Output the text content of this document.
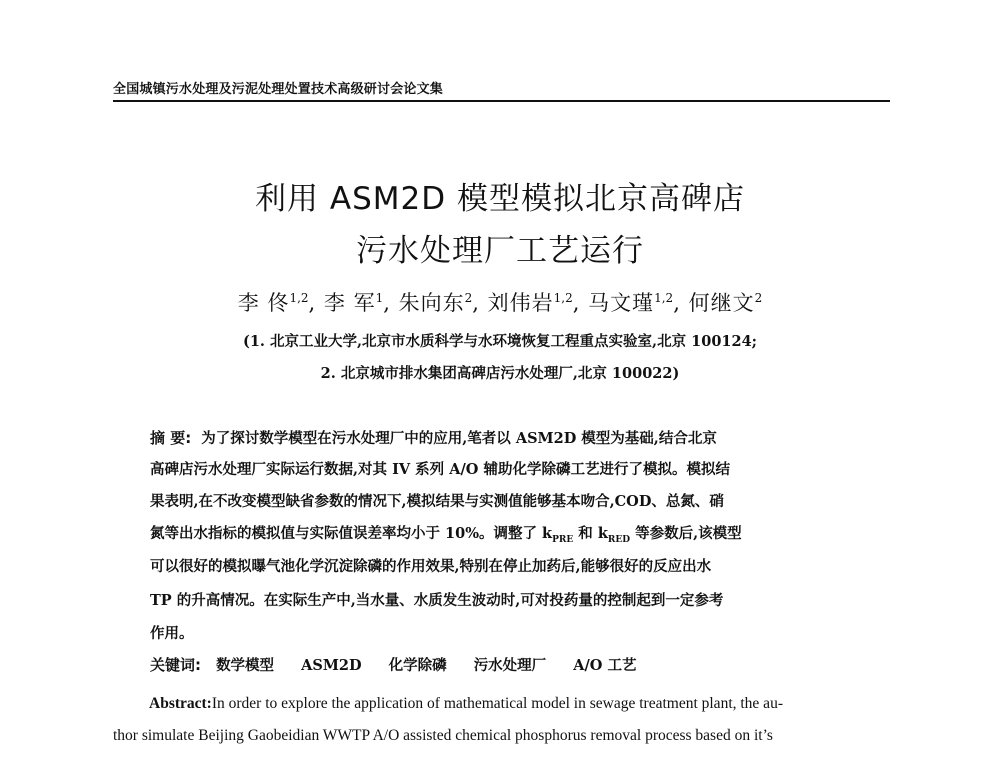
全国城镇污水处理及污泥处理处置技术高级研讨会论文集
利用 ASM2D 模型模拟北京高碑店
污水处理厂工艺运行
李 佟$^{1,2}$, 李 军$^1$, 朱向东$^2$, 刘伟岩$^{1,2}$, 马文瑾$^{1,2}$, 何继文$^2$
(1. 北京工业大学,北京市水质科学与水环境恢复工程重点实验室,北京 100124;
2. 北京城市排水集团高碑店污水处理厂,北京 100022)
摘 要: 为了探讨数学模型在污水处理厂中的应用,笔者以 ASM2D 模型为基础,结合北京
高碑店污水处理厂实际运行数据,对其 IV 系列 A/O 辅助化学除磷工艺进行了模拟。模拟结
果表明,在不改变模型缺省参数的情况下,模拟结果与实测值能够基本吻合,COD、总氮、硝
氮等出水指标的模拟值与实际值误差率均小于 10%。调整了 $k_{PRE}$ 和 $k_{RED}$ 等参数后,该模型
可以很好的模拟曝气池化学沉淀除磷的作用效果,特别在停止加药后,能够很好的反应出水
TP 的升高情况。在实际生产中,当水量、水质发生波动时,可对投药量的控制起到一定参考
作用。
关键词: 数学模型 ASM2D 化学除磷 污水处理厂 A/O 工艺
Abstract:In order to explore the application of mathematical model in sewage treatment plant, the au-
thor simulate Beijing Gaobeidian WWTP A/O assisted chemical phosphorus removal process based on it’s
